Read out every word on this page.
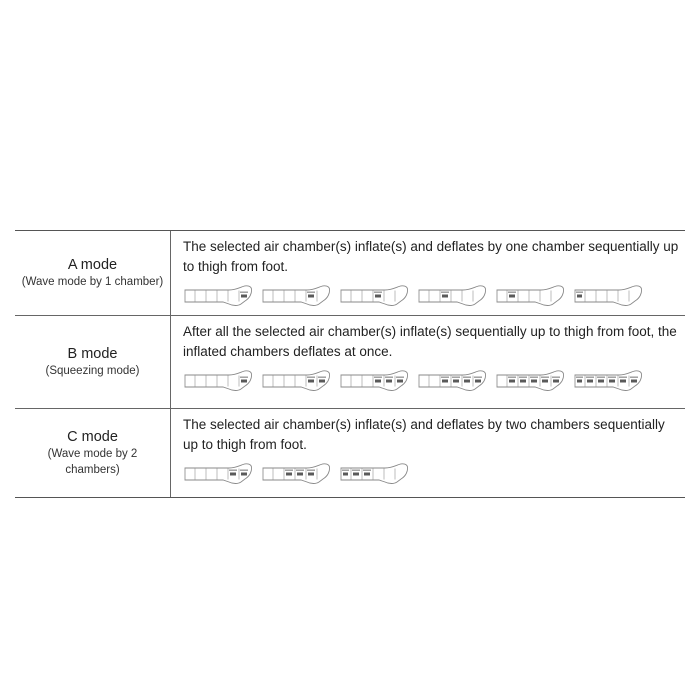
A mode
(Wave mode by 1 chamber)

The selected air chamber(s) inflate(s) and deflates by one chamber sequentially up to thigh from foot.

B mode
(Squeezing mode)

After all the selected air chamber(s) inflate(s) sequentially up to thigh from foot, the inflated chambers deflates at once.

C mode
(Wave mode by 2 chambers)

The selected air chamber(s) inflate(s) and deflates by two chambers sequentially up to thigh from foot.
